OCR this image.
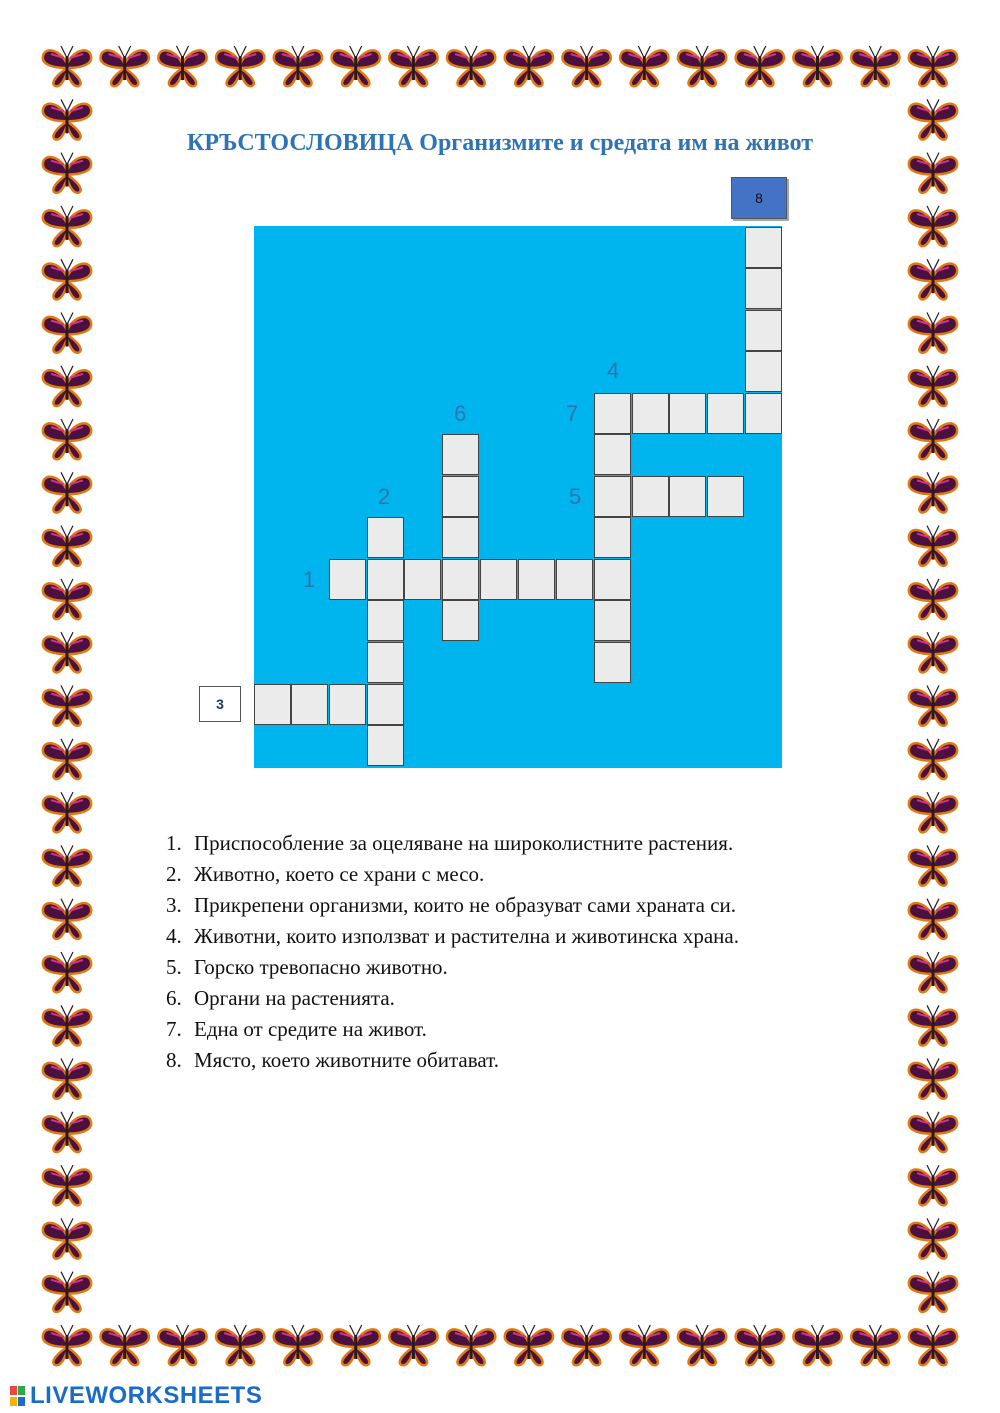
КРЪСТОСЛОВИЦА Организмите и средата им на живот
8
3
1
2
4
5
6	7
1. Приспособление за оцеляване на широколистните растения.
2. Животно, което се храни с месо.
3. Прикрепени организми, които не образуват сами храната си.
4. Животни, които използват и растителна и животинска храна.
5. Горско тревопасно животно.
6. Органи на растенията.
7. Една от средите на живот.
8. Място, което животните обитават.
LIVEWORKSHEETS
